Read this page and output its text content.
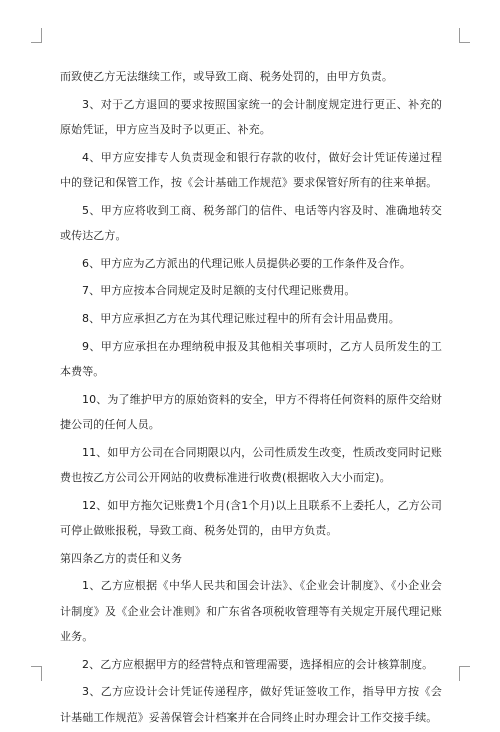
而致使乙方无法继续工作，或导致工商、税务处罚的，由甲方负责。

3、对于乙方退回的要求按照国家统一的会计制度规定进行更正、补充的原始凭证，甲方应当及时予以更正、补充。

4、甲方应安排专人负责现金和银行存款的收付，做好会计凭证传递过程中的登记和保管工作，按《会计基础工作规范》要求保管好所有的往来单据。

5、甲方应将收到工商、税务部门的信件、电话等内容及时、准确地转交或传达乙方。

6、甲方应为乙方派出的代理记账人员提供必要的工作条件及合作。

7、甲方应按本合同规定及时足额的支付代理记账费用。

8、甲方应承担乙方在为其代理记账过程中的所有会计用品费用。

9、甲方应承担在办理纳税申报及其他相关事项时，乙方人员所发生的工本费等。

10、为了维护甲方的原始资料的安全，甲方不得将任何资料的原件交给财捷公司的任何人员。

11、如甲方公司在合同期限以内，公司性质发生改变，性质改变同时记账费也按乙方公司公开网站的收费标准进行收费(根据收入大小而定)。

12、如甲方拖欠记账费1个月(含1个月)以上且联系不上委托人，乙方公司可停止做账报税，导致工商、税务处罚的，由甲方负责。

第四条乙方的责任和义务

1、乙方应根据《中华人民共和国会计法》、《企业会计制度》、《小企业会计制度》及《企业会计准则》和广东省各项税收管理等有关规定开展代理记账业务。

2、乙方应根据甲方的经营特点和管理需要，选择相应的会计核算制度。

3、乙方应设计会计凭证传递程序，做好凭证签收工作，指导甲方按《会计基础工作规范》妥善保管会计档案并在合同终止时办理会计工作交接手续。
